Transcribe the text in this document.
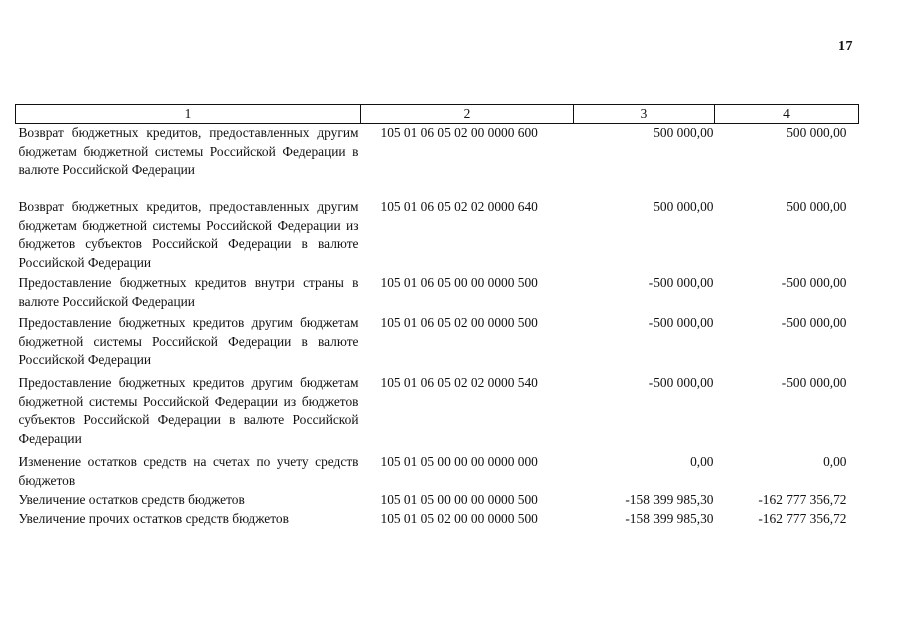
17
1	2	3	4
Возврат бюджетных кредитов, предоставленных другим бюджетам бюджетной системы Российской Федерации в валюте Российской Федерации	105 01 06 05 02 00 0000 600	500 000,00	500 000,00
Возврат бюджетных кредитов, предоставленных другим бюджетам бюджетной системы Российской Федерации из бюджетов субъектов Российской Федерации в валюте Российской Федерации	105 01 06 05 02 02 0000 640	500 000,00	500 000,00
Предоставление бюджетных кредитов внутри страны в валюте Российской Федерации	105 01 06 05 00 00 0000 500	-500 000,00	-500 000,00
Предоставление бюджетных кредитов другим бюджетам бюджетной системы Российской Федерации в валюте Российской Федерации	105 01 06 05 02 00 0000 500	-500 000,00	-500 000,00
Предоставление бюджетных кредитов другим бюджетам бюджетной системы Российской Федерации из бюджетов субъектов Российской Федерации в валюте Российской Федерации	105 01 06 05 02 02 0000 540	-500 000,00	-500 000,00
Изменение остатков средств на счетах по учету средств бюджетов	105 01 05 00 00 00 0000 000	0,00	0,00
Увеличение остатков средств бюджетов	105 01 05 00 00 00 0000 500	-158 399 985,30	-162 777 356,72
Увеличение прочих остатков средств бюджетов	105 01 05 02 00 00 0000 500	-158 399 985,30	-162 777 356,72
